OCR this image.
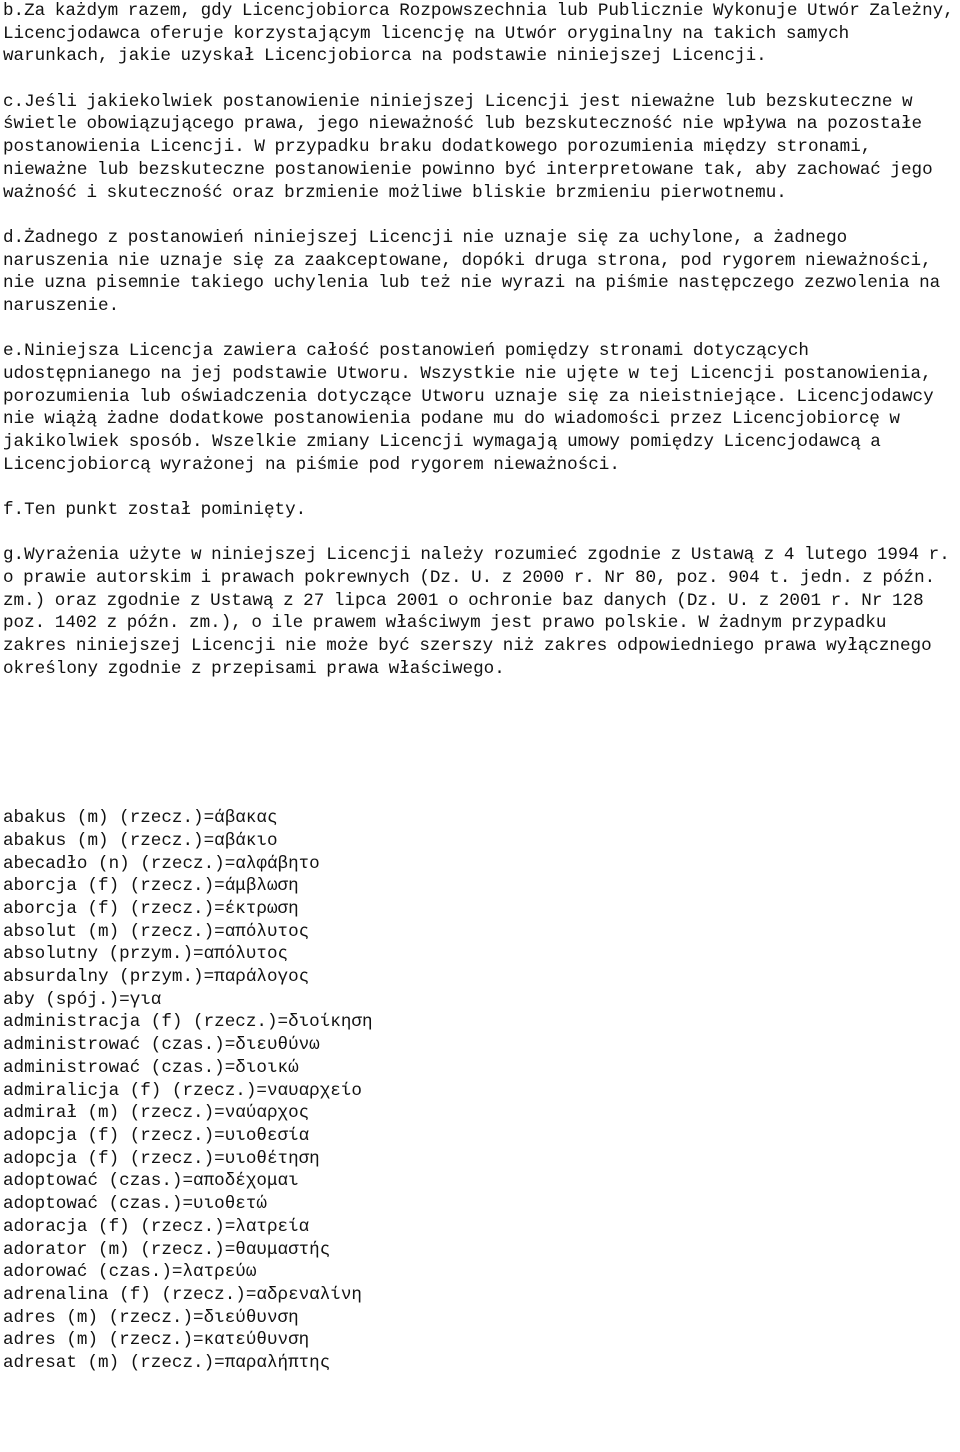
b.Za każdym razem, gdy Licencjobiorca Rozpowszechnia lub Publicznie Wykonuje Utwór Zależny, Licencjodawca oferuje korzystającym licencję na Utwór oryginalny na takich samych warunkach, jakie uzyskał Licencjobiorca na podstawie niniejszej Licencji.

c.Jeśli jakiekolwiek postanowienie niniejszej Licencji jest nieważne lub bezskuteczne w świetle obowiązującego prawa, jego nieważność lub bezskuteczność nie wpływa na pozostałe postanowienia Licencji. W przypadku braku dodatkowego porozumienia między stronami, nieważne lub bezskuteczne postanowienie powinno być interpretowane tak, aby zachować jego ważność i skuteczność oraz brzmienie możliwe bliskie brzmieniu pierwotnemu.

d.Żadnego z postanowień niniejszej Licencji nie uznaje się za uchylone, a żadnego naruszenia nie uznaje się za zaakceptowane, dopóki druga strona, pod rygorem nieważności, nie uzna pisemnie takiego uchylenia lub też nie wyrazi na piśmie następczego zezwolenia na naruszenie.

e.Niniejsza Licencja zawiera całość postanowień pomiędzy stronami dotyczących udostępnianego na jej podstawie Utworu. Wszystkie nie ujęte w tej Licencji postanowienia, porozumienia lub oświadczenia dotyczące Utworu uznaje się za nieistniejące. Licencjodawcy nie wiążą żadne dodatkowe postanowienia podane mu do wiadomości przez Licencjobiorcę w jakikolwiek sposób. Wszelkie zmiany Licencji wymagają umowy pomiędzy Licencjodawcą a Licencjobiorcą wyrażonej na piśmie pod rygorem nieważności.

f.Ten punkt został pominięty.

g.Wyrażenia użyte w niniejszej Licencji należy rozumieć zgodnie z Ustawą z 4 lutego 1994 r. o prawie autorskim i prawach pokrewnych (Dz. U. z 2000 r. Nr 80, poz. 904 t. jedn. z późn. zm.) oraz zgodnie z Ustawą z 27 lipca 2001 o ochronie baz danych (Dz. U. z 2001 r. Nr 128 poz. 1402 z późn. zm.), o ile prawem właściwym jest prawo polskie. W żadnym przypadku zakres niniejszej Licencji nie może być szerszy niż zakres odpowiedniego prawa wyłącznego określony zgodnie z przepisami prawa właściwego.

abakus (m) (rzecz.)=άβακας
abakus (m) (rzecz.)=αβάκιο
abecadło (n) (rzecz.)=αλφάβητο
aborcja (f) (rzecz.)=άμβλωση
aborcja (f) (rzecz.)=έκτρωση
absolut (m) (rzecz.)=απόλυτος
absolutny (przym.)=απόλυτος
absurdalny (przym.)=παράλογος
aby (spój.)=για
administracja (f) (rzecz.)=διοίκηση
administrować (czas.)=διευθύνω
administrować (czas.)=διοικώ
admiralicja (f) (rzecz.)=ναυαρχείο
admirał (m) (rzecz.)=ναύαρχος
adopcja (f) (rzecz.)=υιοθεσία
adopcja (f) (rzecz.)=υιοθέτηση
adoptować (czas.)=αποδέχομαι
adoptować (czas.)=υιοθετώ
adoracja (f) (rzecz.)=λατρεία
adorator (m) (rzecz.)=θαυμαστής
adorować (czas.)=λατρεύω
adrenalina (f) (rzecz.)=αδρεναλίνη
adres (m) (rzecz.)=διεύθυνση
adres (m) (rzecz.)=κατεύθυνση
adresat (m) (rzecz.)=παραλήπτης
